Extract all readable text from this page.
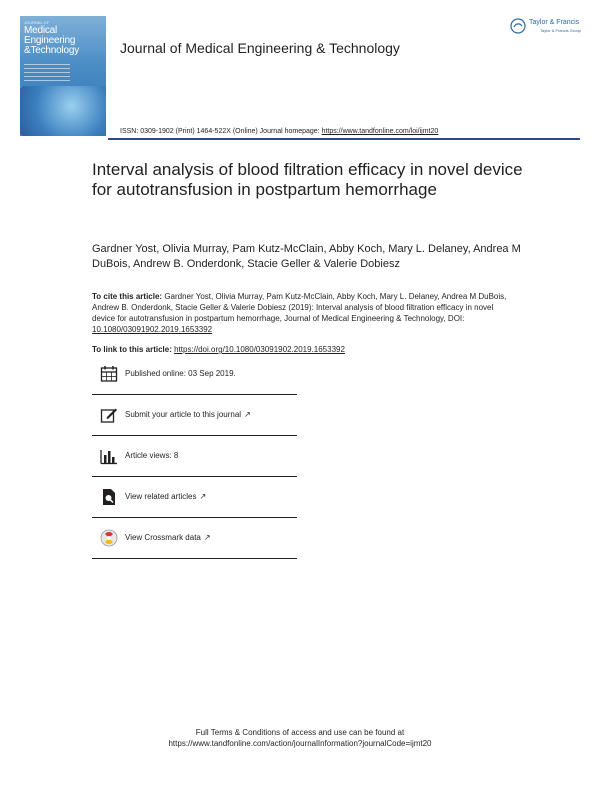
JOURNAL OF
Medical Engineering &Technology	Journal of Medical Engineering & Technology
Taylor & Francis
Taylor & Francis Group
ISSN: 0309-1902 (Print) 1464-522X (Online) Journal homepage: https://www.tandfonline.com/loi/ijmt20
Interval analysis of blood filtration efficacy in novel device for autotransfusion in postpartum hemorrhage
Gardner Yost, Olivia Murray, Pam Kutz-McClain, Abby Koch, Mary L. Delaney, Andrea M DuBois, Andrew B. Onderdonk, Stacie Geller & Valerie Dobiesz
To cite this article: Gardner Yost, Olivia Murray, Pam Kutz-McClain, Abby Koch, Mary L. Delaney, Andrea M DuBois, Andrew B. Onderdonk, Stacie Geller & Valerie Dobiesz (2019): Interval analysis of blood filtration efficacy in novel device for autotransfusion in postpartum hemorrhage, Journal of Medical Engineering & Technology, DOI: 10.1080/03091902.2019.1653392
To link to this article: https://doi.org/10.1080/03091902.2019.1653392
Published online: 03 Sep 2019.
Submit your article to this journal ↗
Article views: 8
View related articles ↗
View Crossmark data ↗
Full Terms & Conditions of access and use can be found at
https://www.tandfonline.com/action/journalInformation?journalCode=ijmt20
